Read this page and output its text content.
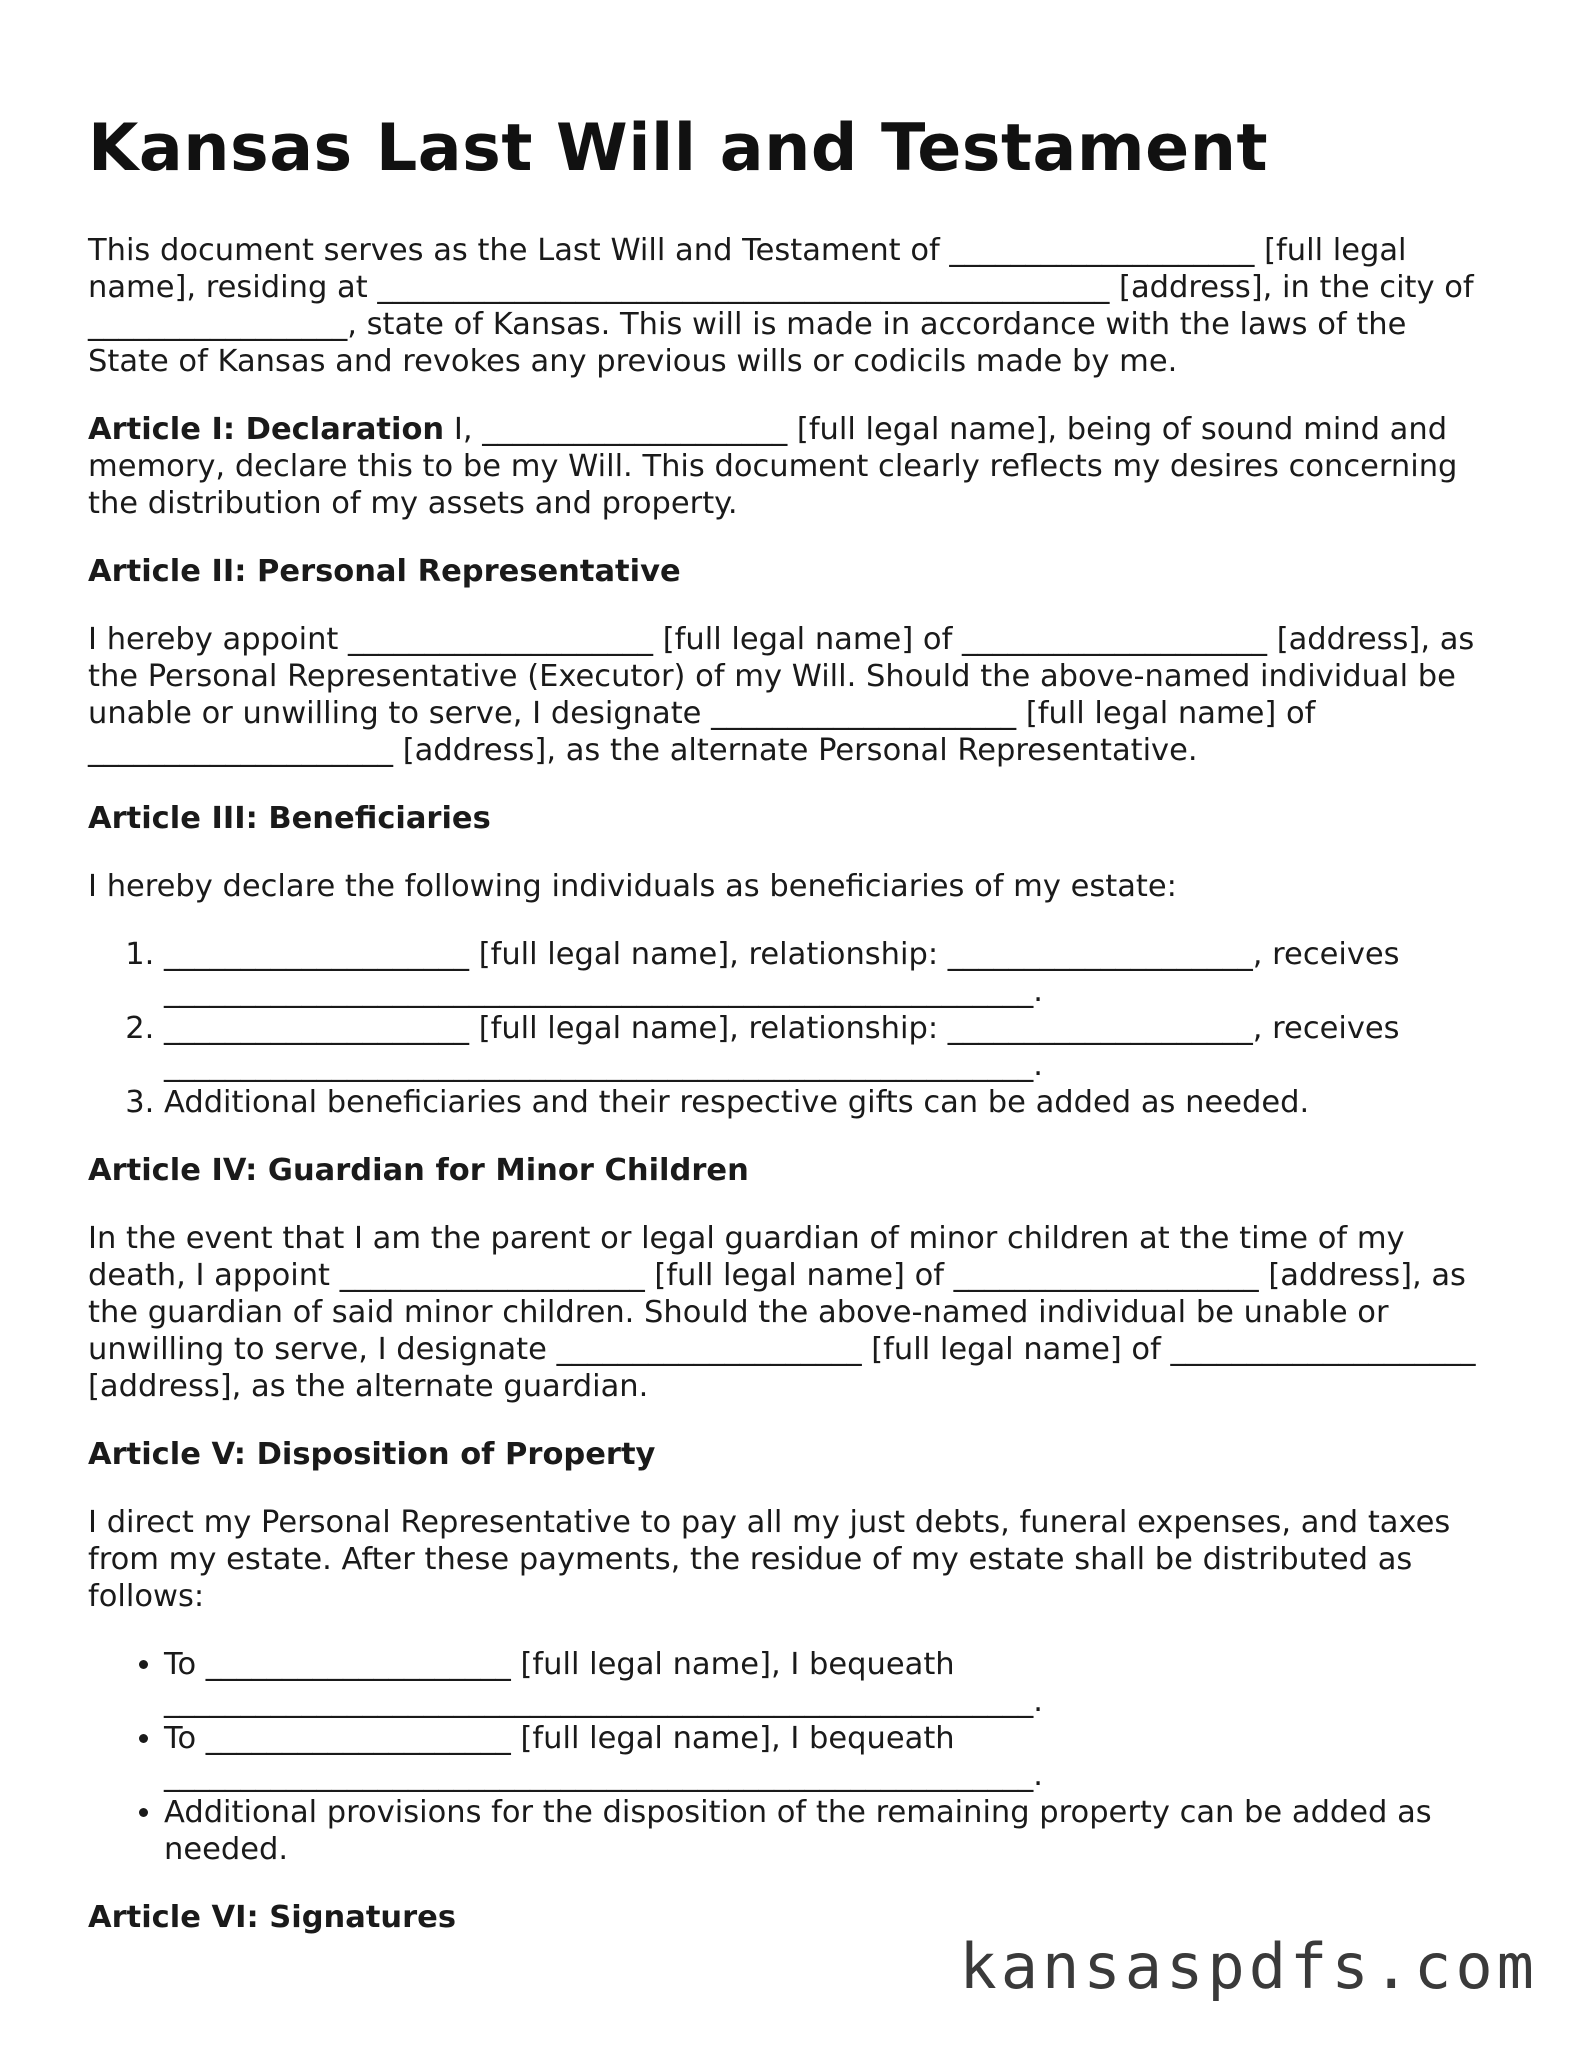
Kansas Last Will and Testament

This document serves as the Last Will and Testament of ____________________ [full legal name], residing at ________________________________________________ [address], in the city of _________________, state of Kansas. This will is made in accordance with the laws of the State of Kansas and revokes any previous wills or codicils made by me.

Article I: Declaration I, ____________________ [full legal name], being of sound mind and memory, declare this to be my Will. This document clearly reflects my desires concerning the distribution of my assets and property.

Article II: Personal Representative

I hereby appoint ____________________ [full legal name] of ____________________ [address], as the Personal Representative (Executor) of my Will. Should the above-named individual be unable or unwilling to serve, I designate ____________________ [full legal name] of ____________________ [address], as the alternate Personal Representative.

Article III: Beneficiaries

I hereby declare the following individuals as beneficiaries of my estate:

1. ____________________ [full legal name], relationship: ____________________, receives _________________________________________________________.
2. ____________________ [full legal name], relationship: ____________________, receives _________________________________________________________.
3. Additional beneficiaries and their respective gifts can be added as needed.

Article IV: Guardian for Minor Children

In the event that I am the parent or legal guardian of minor children at the time of my death, I appoint ____________________ [full legal name] of ____________________ [address], as the guardian of said minor children. Should the above-named individual be unable or unwilling to serve, I designate ____________________ [full legal name] of ____________________ [address], as the alternate guardian.

Article V: Disposition of Property

I direct my Personal Representative to pay all my just debts, funeral expenses, and taxes from my estate. After these payments, the residue of my estate shall be distributed as follows:

• To ____________________ [full legal name], I bequeath _________________________________________________________.
• To ____________________ [full legal name], I bequeath _________________________________________________________.
• Additional provisions for the disposition of the remaining property can be added as needed.

Article VI: Signatures

kansaspdfs.com
